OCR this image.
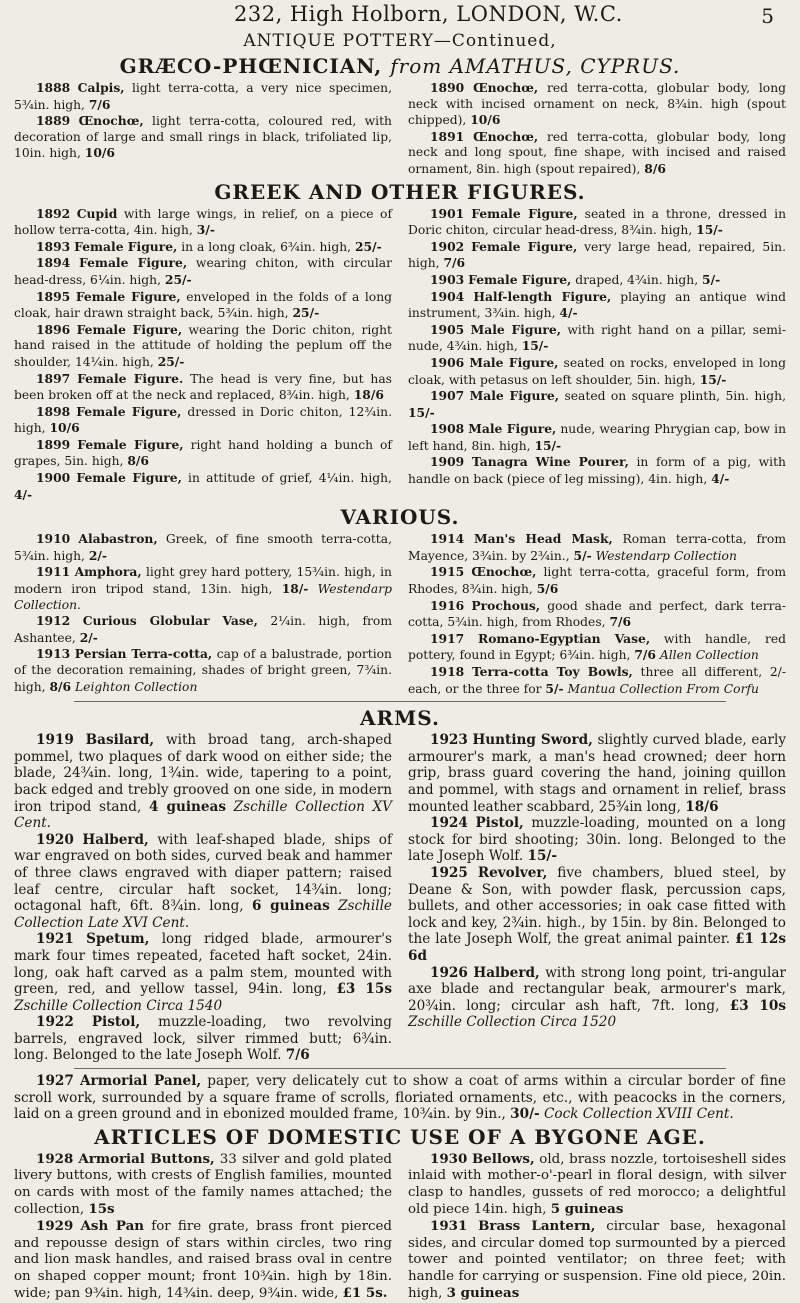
232, High Holborn, LONDON, W.C.	5
ANTIQUE POTTERY—Continued,
GRÆCO-PHŒNICIAN, from AMATHUS, CYPRUS.

1888 Calpis, light terra-cotta, a very nice specimen, 5¾in. high, 7/6

1889 Œnochœ, light terra-cotta, coloured red, with decoration of large and small rings in black, trifoliated lip, 10in. high, 10/6

1890 Œnochœ, red terra-cotta, globular body, long neck with incised ornament on neck, 8¾in. high (spout chipped), 10/6

1891 Œnochœ, red terra-cotta, globular body, long neck and long spout, fine shape, with incised and raised ornament, 8in. high (spout repaired), 8/6

GREEK AND OTHER FIGURES.

1892 Cupid with large wings, in relief, on a piece of hollow terra-cotta, 4in. high, 3/-

1893 Female Figure, in a long cloak, 6¾in. high, 25/-

1894 Female Figure, wearing chiton, with circular head-dress, 6¼in. high, 25/-

1895 Female Figure, enveloped in the folds of a long cloak, hair drawn straight back, 5¾in. high, 25/-

1896 Female Figure, wearing the Doric chiton, right hand raised in the attitude of holding the peplum off the shoulder, 14¼in. high, 25/-

1897 Female Figure. The head is very fine, but has been broken off at the neck and replaced, 8¾in. high, 18/6

1898 Female Figure, dressed in Doric chiton, 12¾in. high, 10/6

1899 Female Figure, right hand holding a bunch of grapes, 5in. high, 8/6

1900 Female Figure, in attitude of grief, 4¼in. high, 4/-

1901 Female Figure, seated in a throne, dressed in Doric chiton, circular head-dress, 8¾in. high, 15/-

1902 Female Figure, very large head, repaired, 5in. high, 7/6

1903 Female Figure, draped, 4¾in. high, 5/-

1904 Half-length Figure, playing an antique wind instrument, 3¾in. high, 4/-

1905 Male Figure, with right hand on a pillar, semi-nude, 4¾in. high, 15/-

1906 Male Figure, seated on rocks, enveloped in long cloak, with petasus on left shoulder, 5in. high, 15/-

1907 Male Figure, seated on square plinth, 5in. high, 15/-

1908 Male Figure, nude, wearing Phrygian cap, bow in left hand, 8in. high, 15/-

1909 Tanagra Wine Pourer, in form of a pig, with handle on back (piece of leg missing), 4in. high, 4/-

VARIOUS.

1910 Alabastron, Greek, of fine smooth terra-cotta, 5¾in. high, 2/-

1911 Amphora, light grey hard pottery, 15¾in. high, in modern iron tripod stand, 13in. high, 18/- Westendarp Collection.

1912 Curious Globular Vase, 2¼in. high, from Ashantee, 2/-

1913 Persian Terra-cotta, cap of a balustrade, portion of the decoration remaining, shades of bright green, 7¾in. high, 8/6 Leighton Collection

1914 Man's Head Mask, Roman terra-cotta, from Mayence, 3¾in. by 2¾in., 5/- Westendarp Collection

1915 Œnochœ, light terra-cotta, graceful form, from Rhodes, 8¾in. high, 5/6

1916 Prochous, good shade and perfect, dark terra-cotta, 5¾in. high, from Rhodes, 7/6

1917 Romano-Egyptian Vase, with handle, red pottery, found in Egypt; 6¾in. high, 7/6 Allen Collection

1918 Terra-cotta Toy Bowls, three all different, 2/- each, or the three for 5/- Mantua Collection From Corfu

ARMS.

1919 Basilard, with broad tang, arch-shaped pommel, two plaques of dark wood on either side; the blade, 24¾in. long, 1¾in. wide, tapering to a point, back edged and trebly grooved on one side, in modern iron tripod stand, 4 guineas Zschille Collection XV Cent.

1920 Halberd, with leaf-shaped blade, ships of war engraved on both sides, curved beak and hammer of three claws engraved with diaper pattern; raised leaf centre, circular haft socket, 14¾in. long; octagonal haft, 6ft. 8¾in. long, 6 guineas Zschille Collection Late XVI Cent.

1921 Spetum, long ridged blade, armourer's mark four times repeated, faceted haft socket, 24in. long, oak haft carved as a palm stem, mounted with green, red, and yellow tassel, 94in. long, £3 15s Zschille Collection Circa 1540

1922 Pistol, muzzle-loading, two revolving barrels, engraved lock, silver rimmed butt; 6¾in. long. Belonged to the late Joseph Wolf. 7/6

1923 Hunting Sword, slightly curved blade, early armourer's mark, a man's head crowned; deer horn grip, brass guard covering the hand, joining quillon and pommel, with stags and ornament in relief, brass mounted leather scabbard, 25¾in long, 18/6

1924 Pistol, muzzle-loading, mounted on a long stock for bird shooting; 30in. long. Belonged to the late Joseph Wolf. 15/-

1925 Revolver, five chambers, blued steel, by Deane & Son, with powder flask, percussion caps, bullets, and other accessories; in oak case fitted with lock and key, 2¾in. high., by 15in. by 8in. Belonged to the late Joseph Wolf, the great animal painter. £1 12s 6d

1926 Halberd, with strong long point, tri-angular axe blade and rectangular beak, armourer's mark, 20¾in. long; circular ash haft, 7ft. long, £3 10s Zschille Collection Circa 1520

1927 Armorial Panel, paper, very delicately cut to show a coat of arms within a circular border of fine scroll work, surrounded by a square frame of scrolls, floriated ornaments, etc., with peacocks in the corners, laid on a green ground and in ebonized moulded frame, 10¾in. by 9in., 30/- Cock Collection XVIII Cent.

ARTICLES OF DOMESTIC USE OF A BYGONE AGE.

1928 Armorial Buttons, 33 silver and gold plated livery buttons, with crests of English families, mounted on cards with most of the family names attached; the collection, 15s

1929 Ash Pan for fire grate, brass front pierced and repousse design of stars within circles, two ring and lion mask handles, and raised brass oval in centre on shaped copper mount; front 10¾in. high by 18in. wide; pan 9¾in. high, 14¾in. deep, 9¾in. wide, £1 5s.

1930 Bellows, old, brass nozzle, tortoiseshell sides inlaid with mother-o'-pearl in floral design, with silver clasp to handles, gussets of red morocco; a delightful old piece 14in. high, 5 guineas

1931 Brass Lantern, circular base, hexagonal sides, and circular domed top surmounted by a pierced tower and pointed ventilator; on three feet; with handle for carrying or suspension. Fine old piece, 20in. high, 3 guineas
